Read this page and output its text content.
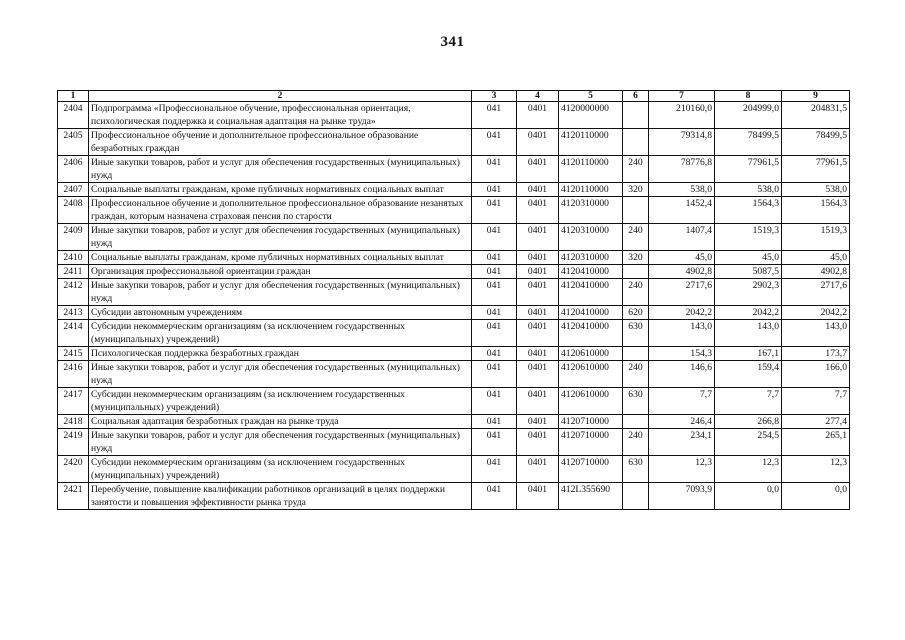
341
1	2	3	4	5	6	7	8	9
2404	Подпрограмма «Профессиональное обучение, профессиональная ориентация, психологическая поддержка и социальная адаптация на рынке труда»	041	0401	4120000000		210160,0	204999,0	204831,5
2405	Профессиональное обучение и дополнительное профессиональное образование безработных граждан	041	0401	4120110000		79314,8	78499,5	78499,5
2406	Иные закупки товаров, работ и услуг для обеспечения государственных (муниципальных) нужд	041	0401	4120110000	240	78776,8	77961,5	77961,5
2407	Социальные выплаты гражданам, кроме публичных нормативных социальных выплат	041	0401	4120110000	320	538,0	538,0	538,0
2408	Профессиональное обучение и дополнительное профессиональное образование незанятых граждан, которым назначена страховая пенсия по старости	041	0401	4120310000		1452,4	1564,3	1564,3
2409	Иные закупки товаров, работ и услуг для обеспечения государственных (муниципальных) нужд	041	0401	4120310000	240	1407,4	1519,3	1519,3
2410	Социальные выплаты гражданам, кроме публичных нормативных социальных выплат	041	0401	4120310000	320	45,0	45,0	45,0
2411	Организация профессиональной ориентации граждан	041	0401	4120410000		4902,8	5087,5	4902,8
2412	Иные закупки товаров, работ и услуг для обеспечения государственных (муниципальных) нужд	041	0401	4120410000	240	2717,6	2902,3	2717,6
2413	Субсидии автономным учреждениям	041	0401	4120410000	620	2042,2	2042,2	2042,2
2414	Субсидии некоммерческим организациям (за исключением государственных (муниципальных) учреждений)	041	0401	4120410000	630	143,0	143,0	143,0
2415	Психологическая поддержка безработных граждан	041	0401	4120610000		154,3	167,1	173,7
2416	Иные закупки товаров, работ и услуг для обеспечения государственных (муниципальных) нужд	041	0401	4120610000	240	146,6	159,4	166,0
2417	Субсидии некоммерческим организациям (за исключением государственных (муниципальных) учреждений)	041	0401	4120610000	630	7,7	7,7	7,7
2418	Социальная адаптация безработных граждан на рынке труда	041	0401	4120710000		246,4	266,8	277,4
2419	Иные закупки товаров, работ и услуг для обеспечения государственных (муниципальных) нужд	041	0401	4120710000	240	234,1	254,5	265,1
2420	Субсидии некоммерческим организациям (за исключением государственных (муниципальных) учреждений)	041	0401	4120710000	630	12,3	12,3	12,3
2421	Переобучение, повышение квалификации работников организаций в целях поддержки занятости и повышения эффективности рынка труда	041	0401	412L355690		7093,9	0,0	0,0
